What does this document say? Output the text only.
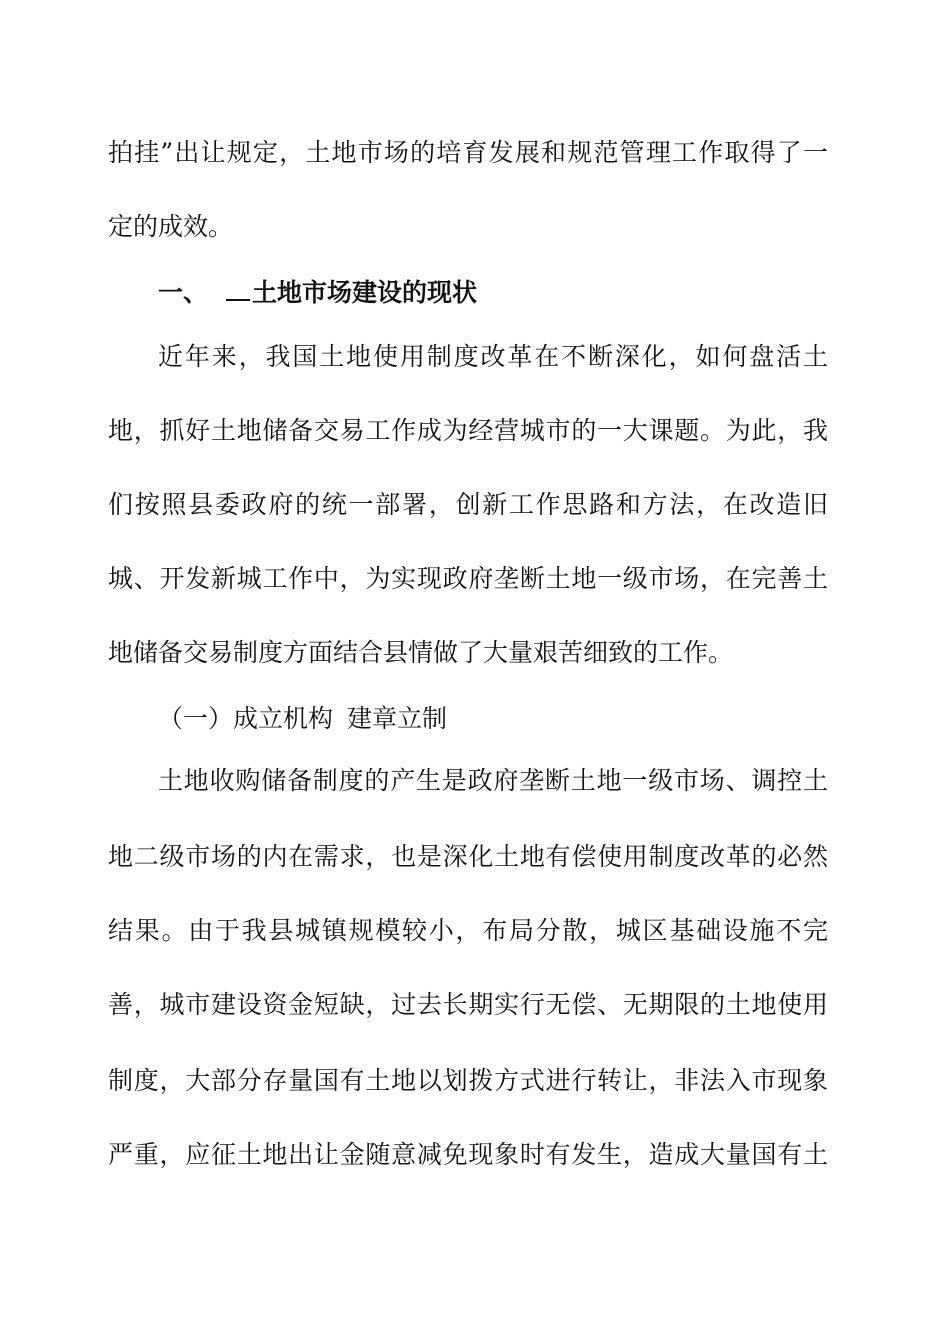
拍挂”出让规定，土地市场的培育发展和规范管理工作取得了一
定的成效。
一、 土地市场建设的现状
近年来，我国土地使用制度改革在不断深化，如何盘活土
地，抓好土地储备交易工作成为经营城市的一大课题。为此，我
们按照县委政府的统一部署，创新工作思路和方法，在改造旧
城、开发新城工作中，为实现政府垄断土地一级市场，在完善土
地储备交易制度方面结合县情做了大量艰苦细致的工作。
（一）成立机构 建章立制
土地收购储备制度的产生是政府垄断土地一级市场、调控土
地二级市场的内在需求，也是深化土地有偿使用制度改革的必然
结果。由于我县城镇规模较小，布局分散，城区基础设施不完
善，城市建设资金短缺，过去长期实行无偿、无期限的土地使用
制度，大部分存量国有土地以划拨方式进行转让，非法入市现象
严重，应征土地出让金随意减免现象时有发生，造成大量国有土
